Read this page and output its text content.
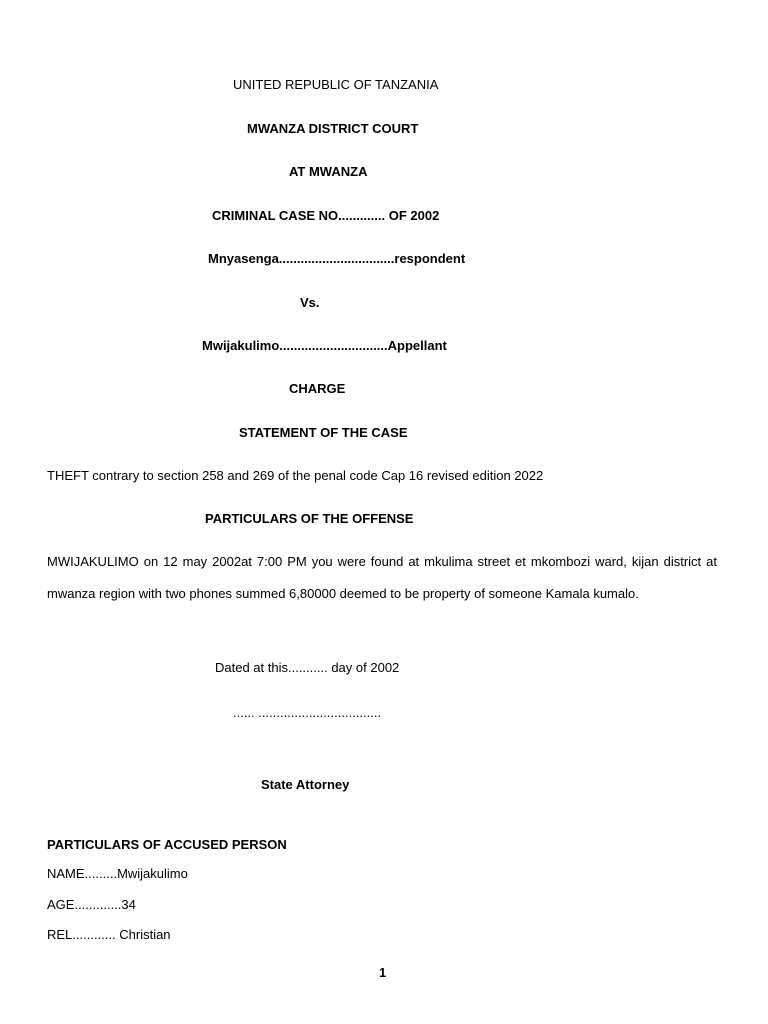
UNITED REPUBLIC OF TANZANIA
MWANZA DISTRICT COURT
AT MWANZA
CRIMINAL CASE NO............. OF 2002
Mnyasenga................................respondent
Vs.
Mwijakulimo..............................Appellant
CHARGE
STATEMENT OF THE CASE
THEFT contrary to section 258 and 269 of the penal code Cap 16 revised edition 2022
PARTICULARS OF THE OFFENSE
MWIJAKULIMO on 12 may 2002at 7:00 PM you were found at mkulima street et mkombozi ward, kijan district at mwanza region with two phones summed 6,80000 deemed to be property of someone Kamala kumalo.
Dated at this........... day of 2002
...... ..................................
State Attorney
PARTICULARS OF ACCUSED PERSON
NAME.........Mwijakulimo
AGE.............34
REL............ Christian
1
